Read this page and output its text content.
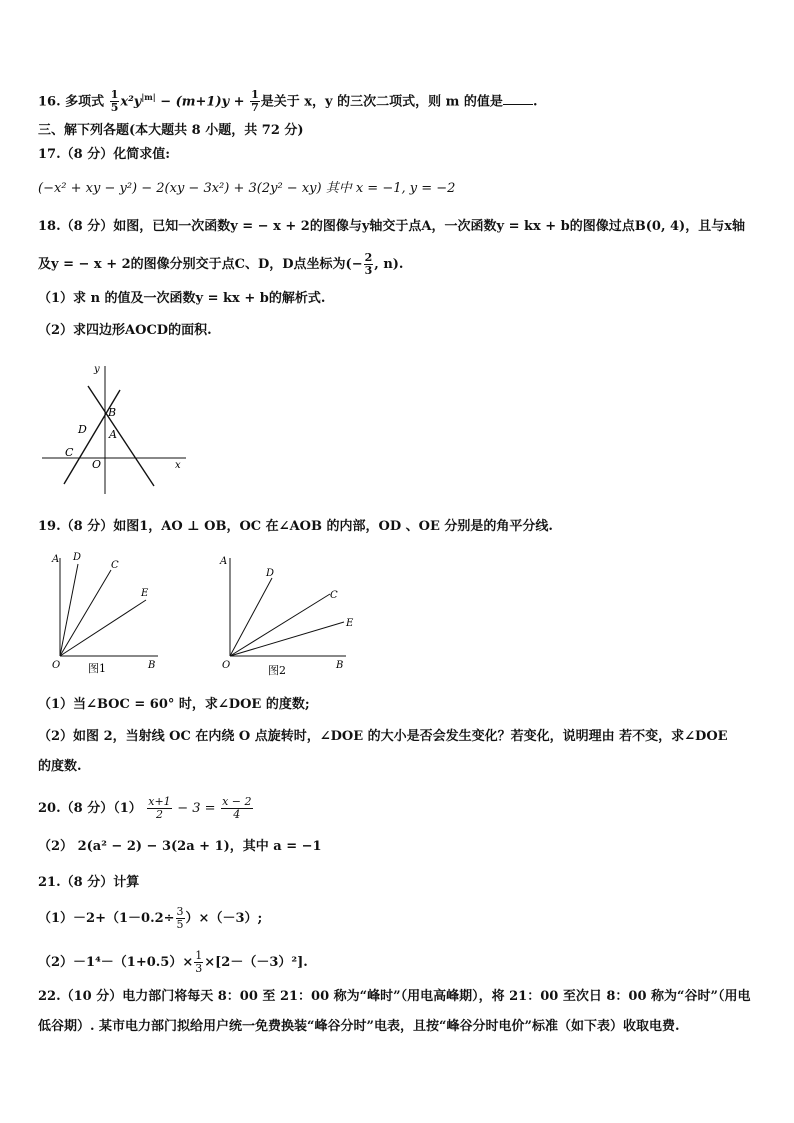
16. 多项式 $\frac{1}{5} x^2y^{|m|} - (m+1)y + \frac{1}{7}$ 是关于 x，y 的三次二项式，则 m 的值是 .
三、解下列各题(本大题共 8 小题，共 72 分)
17.（8 分）化简求值:
(−x² + xy − y²) − 2(xy − 3x²) + 3(2y² − xy) 其中 x = −1, y = −2
18.（8 分）如图，已知一次函数y = − x + 2的图像与y轴交于点A，一次函数y = kx + b的图像过点B(0, 4)，且与x轴
及y = − x + 2的图像分别交于点C、D，D点坐标为(− $\frac{2}{3}$ , n).
（1）求 n 的值及一次函数y = kx + b的解析式.
（2）求四边形AOCD的面积.
y
x
B
A
D
C
O
19.（8 分）如图1，AO ⊥ OB，OC 在∠AOB 的内部，OD 、OE 分别是的角平分线.
A D
C
E
O	B
图1
A
D
C
E
O	B
图2
（1）当∠BOC = 60° 时，求∠DOE 的度数;
（2）如图 2，当射线 OC 在内绕 O 点旋转时，∠DOE 的大小是否会发生变化？若变化，说明理由 若不变，求∠DOE
的度数.
20.（8 分）$(1) \frac{x+1}{2} - 3 = \frac{x - 2}{4}$
（2） 2(a² − 2) − 3(2a + 1)，其中 a = −1
21.（8 分）计算
$(1)-2+(1-0.2\div \frac{3}{5} )\times(-3)$;
$(2)-1^4-(1+0.5)\times \frac{1}{3} \times[2-(-3)^2]$.
22.（10 分）电力部门将每天 8：00 至 21：00 称为“峰时”（用电高峰期），将 21：00 至次日 8：00 称为“谷时”（用电
低谷期）. 某市电力部门拟给用户统一免费换装“峰谷分时”电表，且按“峰谷分时电价”标准（如下表）收取电费.
